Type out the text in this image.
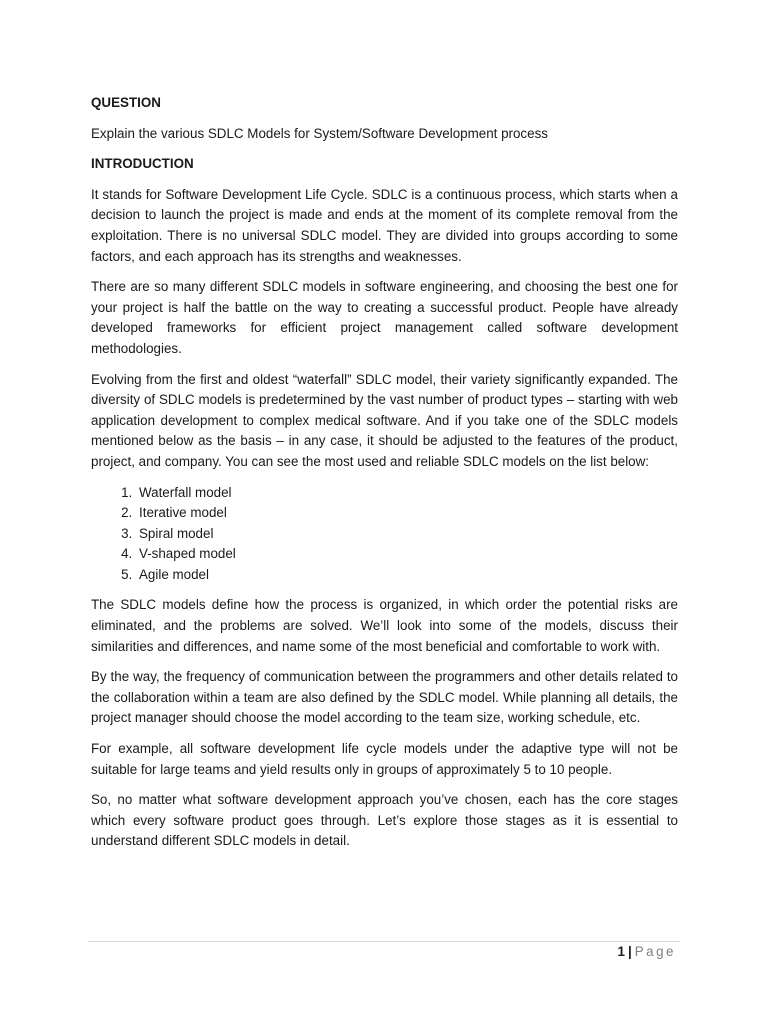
QUESTION

Explain the various SDLC Models for System/Software Development process

INTRODUCTION

It stands for Software Development Life Cycle. SDLC is a continuous process, which starts when a decision to launch the project is made and ends at the moment of its complete removal from the exploitation. There is no universal SDLC model. They are divided into groups according to some factors, and each approach has its strengths and weaknesses.

There are so many different SDLC models in software engineering, and choosing the best one for your project is half the battle on the way to creating a successful product. People have already developed frameworks for efficient project management called software development methodologies.

Evolving from the first and oldest “waterfall” SDLC model, their variety significantly expanded. The diversity of SDLC models is predetermined by the vast number of product types – starting with web application development to complex medical software. And if you take one of the SDLC models mentioned below as the basis – in any case, it should be adjusted to the features of the product, project, and company. You can see the most used and reliable SDLC models on the list below:

1. Waterfall model
2. Iterative model
3. Spiral model
4. V-shaped model
5. Agile model

The SDLC models define how the process is organized, in which order the potential risks are eliminated, and the problems are solved. We’ll look into some of the models, discuss their similarities and differences, and name some of the most beneficial and comfortable to work with.

By the way, the frequency of communication between the programmers and other details related to the collaboration within a team are also defined by the SDLC model. While planning all details, the project manager should choose the model according to the team size, working schedule, etc.

For example, all software development life cycle models under the adaptive type will not be suitable for large teams and yield results only in groups of approximately 5 to 10 people.

So, no matter what software development approach you’ve chosen, each has the core stages which every software product goes through. Let’s explore those stages as it is essential to understand different SDLC models in detail.

1 | Page
